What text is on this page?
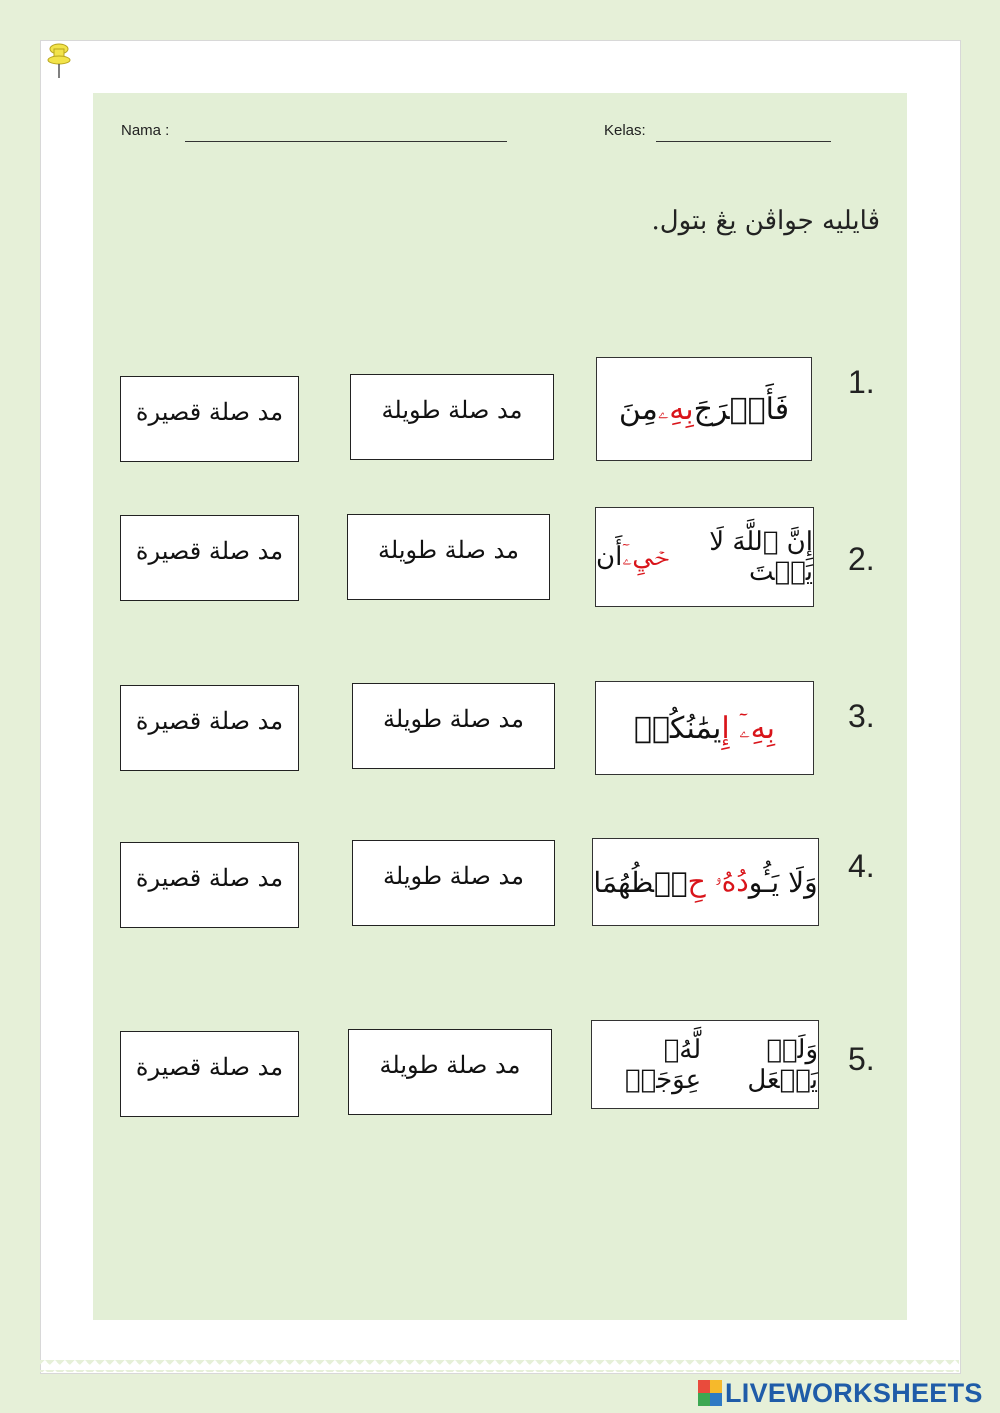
Nama :	Kelas:
ڤايليه جواڤن يڠ بتول.
1.
فَأَخۡرَجَ
بِهِۦ
مِنَ
مد صلة طويلة
مد صلة قصيرة
2.
إِنَّ ٱللَّهَ لَا يَسۡتَ
حۡيِۦٓ
أَن
مد صلة طويلة
مد صلة قصيرة
3.
بِهِۦٓ إِ
يمَٰنُكُمۡ
مد صلة طويلة
مد صلة قصيرة
4.
وَلَا يَـُٔو
دُهُۥ حِ
فۡظُهُمَا
مد صلة طويلة
مد صلة قصيرة
5.
وَلَمۡ يَجۡعَل
لَّهُۥ عِوَجَاۜ
مد صلة طويلة
مد صلة قصيرة
LIVEWORKSHEETS
